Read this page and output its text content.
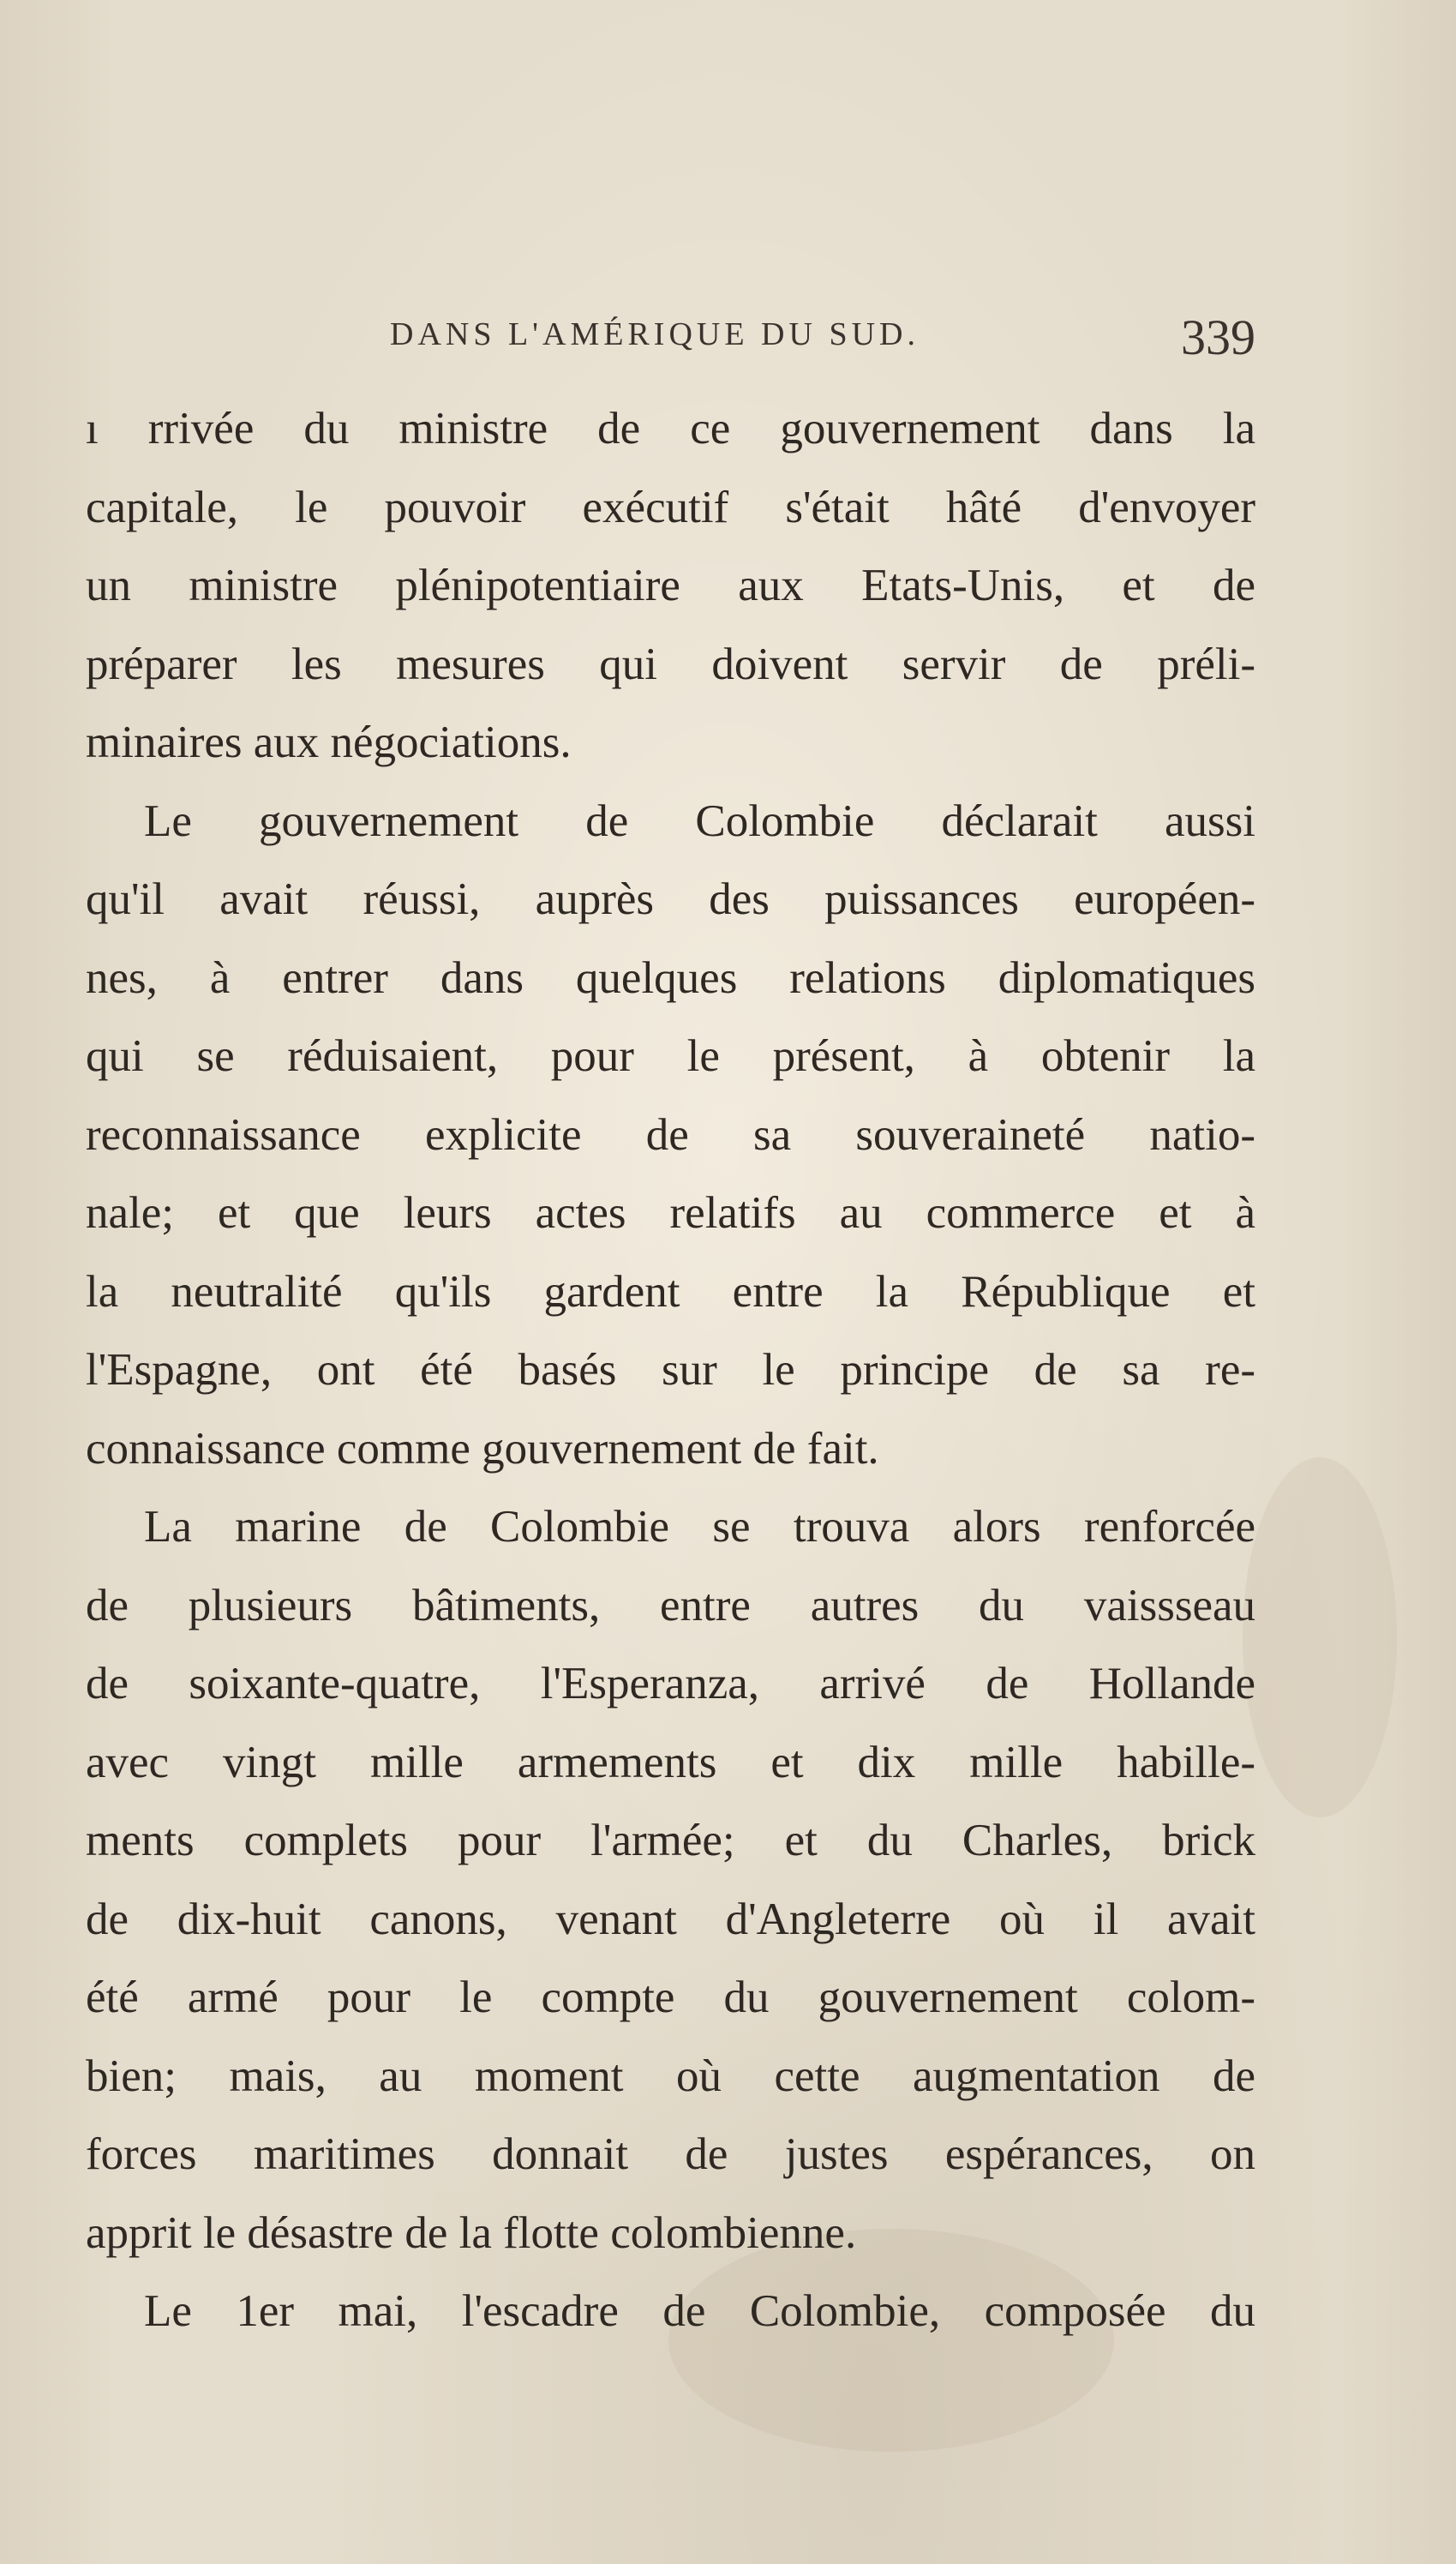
DANS L'AMÉRIQUE DU SUD.	339
ı rrivée du ministre de ce gouvernement dans la
capitale, le pouvoir exécutif s'était hâté d'envoyer
un ministre plénipotentiaire aux Etats-Unis, et de
préparer les mesures qui doivent servir de préli-
minaires aux négociations.
Le gouvernement de Colombie déclarait aussi
qu'il avait réussi, auprès des puissances européen-
nes, à entrer dans quelques relations diplomatiques
qui se réduisaient, pour le présent, à obtenir la
reconnaissance explicite de sa souveraineté natio-
nale; et que leurs actes relatifs au commerce et à
la neutralité qu'ils gardent entre la République et
l'Espagne, ont été basés sur le principe de sa re-
connaissance comme gouvernement de fait.
La marine de Colombie se trouva alors renforcée
de plusieurs bâtiments, entre autres du vaissseau
de soixante-quatre, l'Esperanza, arrivé de Hollande
avec vingt mille armements et dix mille habille-
ments complets pour l'armée; et du Charles, brick
de dix-huit canons, venant d'Angleterre où il avait
été armé pour le compte du gouvernement colom-
bien; mais, au moment où cette augmentation de
forces maritimes donnait de justes espérances, on
apprit le désastre de la flotte colombienne.
Le 1er mai, l'escadre de Colombie, composée du
